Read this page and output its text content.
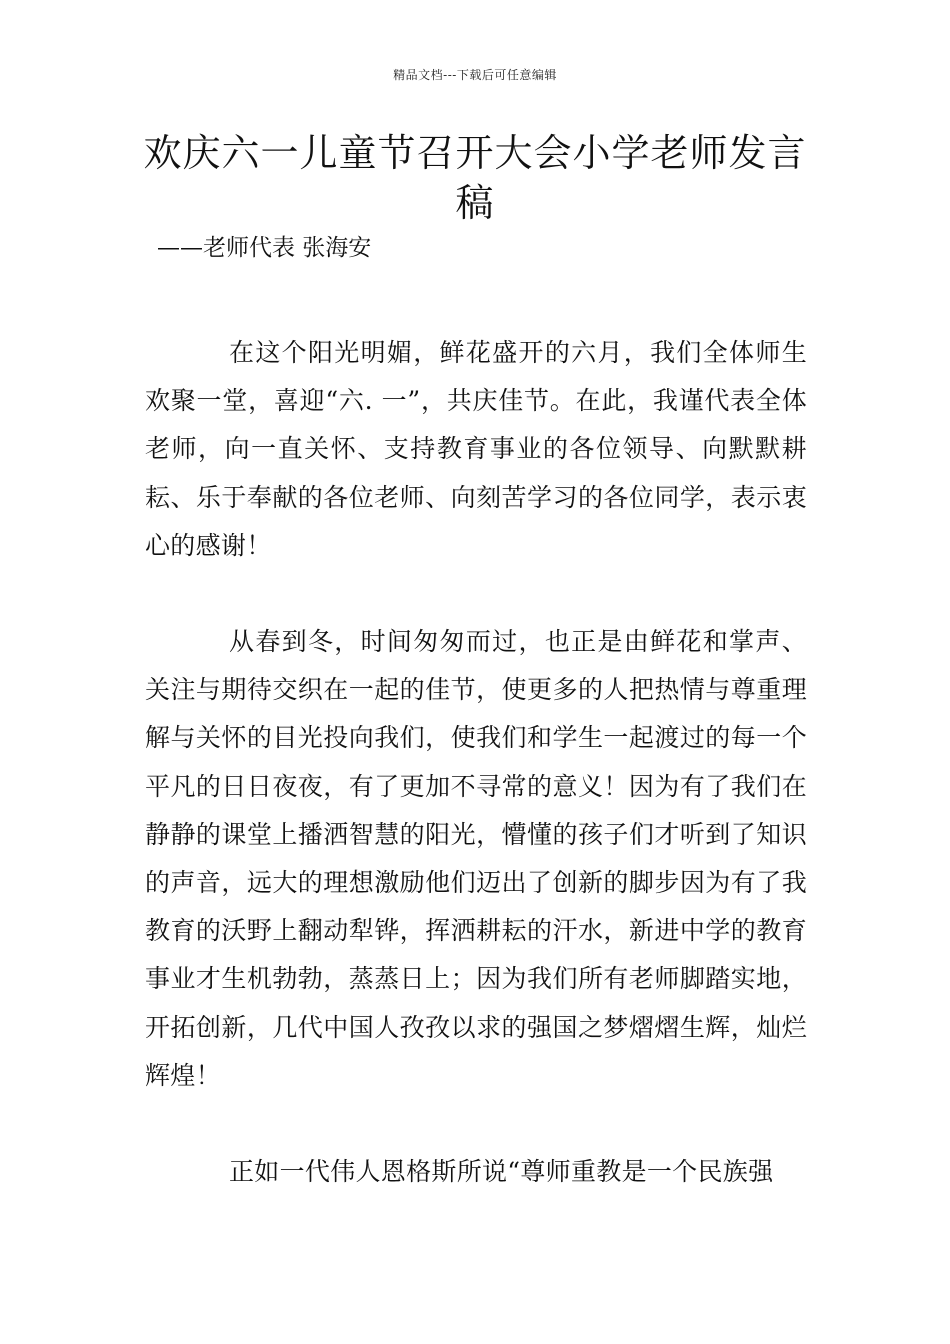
精品文档---下载后可任意编辑
欢庆六一儿童节召开大会小学老师发言稿
——老师代表 张海安

在这个阳光明媚，鲜花盛开的六月，我们全体师生欢聚一堂，喜迎“六. 一”，共庆佳节。在此，我谨代表全体老师，向一直关怀、支持教育事业的各位领导、向默默耕耘、乐于奉献的各位老师、向刻苦学习的各位同学，表示衷心的感谢！

从春到冬，时间匆匆而过，也正是由鲜花和掌声、关注与期待交织在一起的佳节，使更多的人把热情与尊重理解与关怀的目光投向我们，使我们和学生一起渡过的每一个平凡的日日夜夜，有了更加不寻常的意义！因为有了我们在静静的课堂上播洒智慧的阳光，懵懂的孩子们才听到了知识的声音，远大的理想激励他们迈出了创新的脚步因为有了我教育的沃野上翻动犁铧，挥洒耕耘的汗水，新进中学的教育事业才生机勃勃，蒸蒸日上；因为我们所有老师脚踏实地，开拓创新，几代中国人孜孜以求的强国之梦熠熠生辉，灿烂辉煌！

正如一代伟人恩格斯所说“尊师重教是一个民族强
